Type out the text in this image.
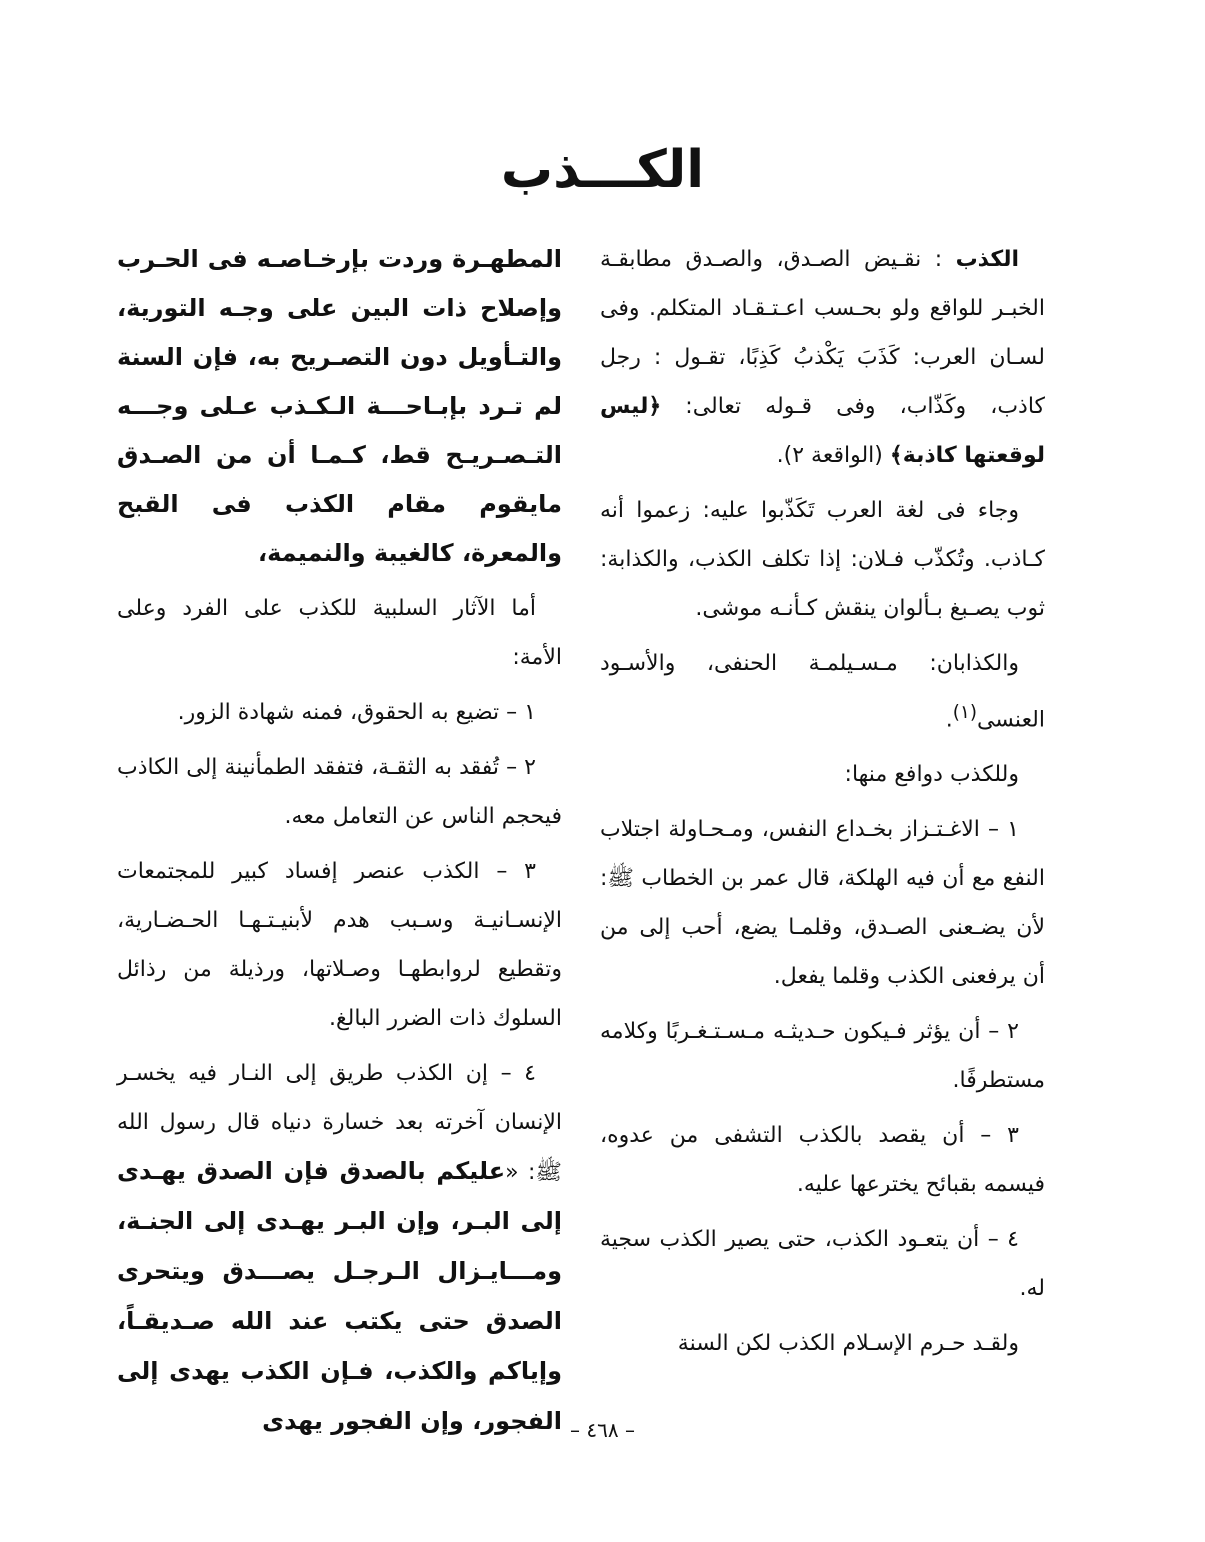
الكـــذب

الكذب : نقـيض الصـدق، والصـدق مطابقـة الخبـر للواقع ولو بحـسب اعـتـقـاد المتكلم. وفى لسـان العرب: كَذَبَ يَكْذبُ كَذِبًا، تقـول : رجل كاذب، وكَذّاب، وفى قـوله تعالى: ﴿ليس لوقعتها كاذبة﴾ (الواقعة ٢).

وجاء فى لغة العرب تَكَذّبوا عليه: زعموا أنه كـاذب. وتُكذّب فـلان: إذا تكلف الكذب، والكذابة: ثوب يصـبغ بـألوان ينقش كـأنـه موشى.

والكذابان: مـسـيلمـة الحنفى، والأسـود العنسى$^{(١)}$.

وللكذب دوافع منها:

١ – الاغـتـزاز بخـداع النفس، ومـحـاولة اجتلاب النفع مع أن فيه الهلكة، قال عمر بن الخطاب ﷺ: لأن يضـعنى الصـدق، وقلمـا يضع، أحب إلى من أن يرفعنى الكذب وقلما يفعل.

٢ – أن يؤثر فـيكون حـديثـه مـسـتـغـربًا وكلامه مستطرفًا.

٣ – أن يقصد بالكذب التشفى من عدوه، فيسمه بقبائح يخترعها عليه.

٤ – أن يتعـود الكذب، حتى يصير الكذب سجية له.

ولقـد حـرم الإسـلام الكذب لكن السنة

المطهـرة وردت بإرخـاصـه فى الحـرب وإصلاح ذات البين على وجـه التورية، والتـأويل دون التصـريح به، فإن السنة لم تـرد بإبـاحـــة الـكـذب عـلى وجـــه التـصـريـح قط، كـمـا أن من الصـدق مايقوم مقام الكذب فى القبح والمعرة، كالغيبة والنميمة،

أما الآثار السلبية للكذب على الفرد وعلى الأمة:

١ – تضيع به الحقوق، فمنه شهادة الزور.

٢ – تُفقد به الثقـة، فتفقد الطمأنينة إلى الكاذب فيحجم الناس عن التعامل معه.

٣ – الكذب عنصر إفساد كبير للمجتمعات الإنسـانيـة وسـبب هدم لأبنيـتـهـا الحـضـارية، وتقطيع لروابطهـا وصـلاتها، ورذيلة من رذائل السلوك ذات الضرر البالغ.

٤ – إن الكذب طريق إلى النـار فيه يخسـر الإنسان آخرته بعد خسارة دنياه قال رسول الله ﷺ: «عليكم بالصدق فإن الصدق يهـدى إلى البـر، وإن البـر يهـدى إلى الجنـة، ومـــايـزال الـرجـل يصـــدق ويتحرى الصدق حتى يكتب عند الله صـديقـاً، وإياكم والكذب، فـإن الكذب يهدى إلى الفجور، وإن الفجور يهدى – ٤٦٨ –
